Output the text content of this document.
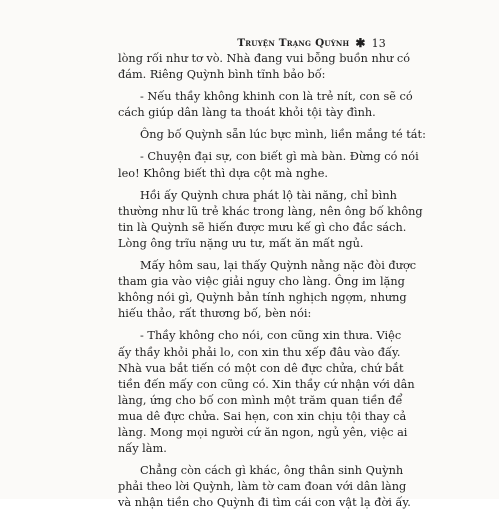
Truyện Trạng Quỳnh ✱ 13
lòng rối như tơ vò. Nhà đang vui bỗng buồn như có
đám. Riêng Quỳnh bình tĩnh bảo bố:
- Nếu thầy không khinh con là trẻ nít, con sẽ có
cách giúp dân làng ta thoát khỏi tội tày đình.
Ông bố Quỳnh sẵn lúc bực mình, liền mắng té tát:
- Chuyện đại sự, con biết gì mà bàn. Đừng có nói
leo! Không biết thì dựa cột mà nghe.
Hồi ấy Quỳnh chưa phát lộ tài năng, chỉ bình
thường như lũ trẻ khác trong làng, nên ông bố không
tin là Quỳnh sẽ hiến được mưu kế gì cho đắc sách.
Lòng ông trĩu nặng ưu tư, mất ăn mất ngủ.
Mấy hôm sau, lại thấy Quỳnh nằng nặc đòi được
tham gia vào việc giải nguy cho làng. Ông im lặng
không nói gì, Quỳnh bản tính nghịch ngợm, nhưng
hiếu thảo, rất thương bố, bèn nói:
- Thầy không cho nói, con cũng xin thưa. Việc
ấy thầy khỏi phải lo, con xin thu xếp đâu vào đấy.
Nhà vua bắt tiến có một con dê đực chửa, chứ bắt
tiền đến mấy con cũng có. Xin thầy cứ nhận với dân
làng, ứng cho bố con mình một trăm quan tiền để
mua dê đực chửa. Sai hẹn, con xin chịu tội thay cả
làng. Mong mọi người cứ ăn ngon, ngủ yên, việc ai
nấy làm.
Chẳng còn cách gì khác, ông thân sinh Quỳnh
phải theo lời Quỳnh, làm tờ cam đoan với dân làng
và nhận tiền cho Quỳnh đi tìm cái con vật lạ đời ấy.
